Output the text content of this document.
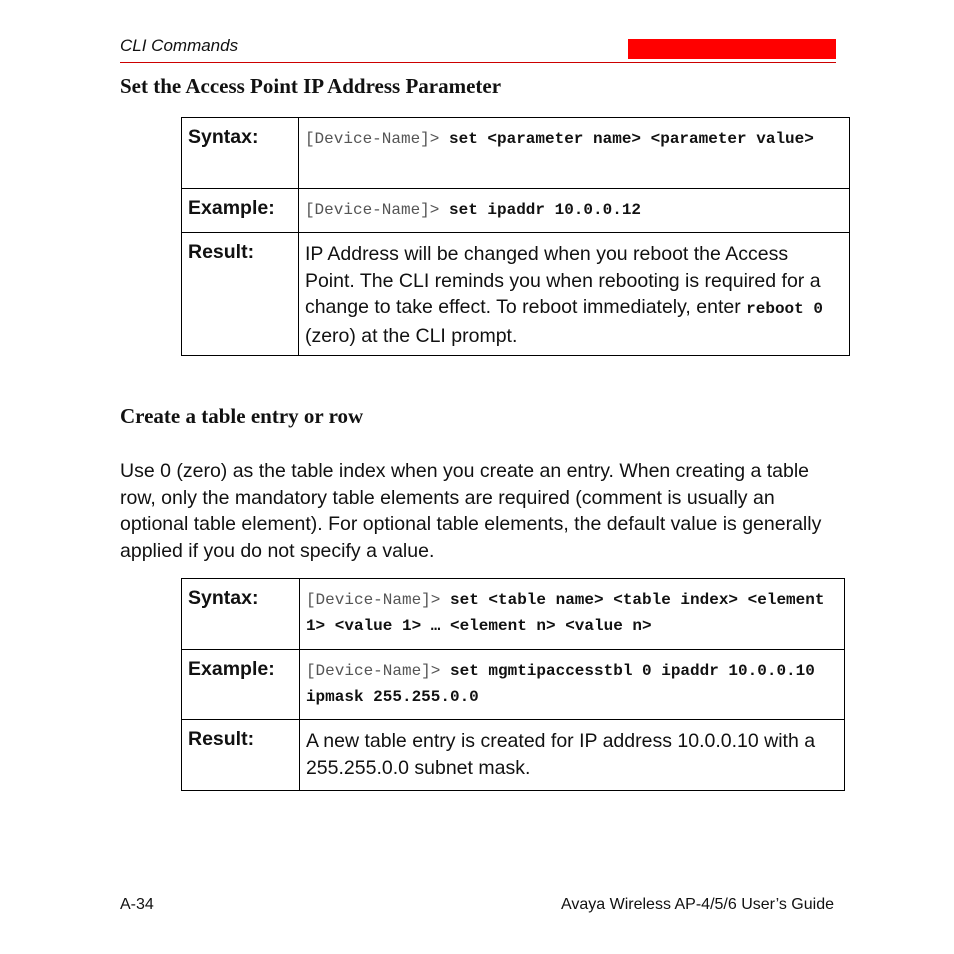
CLI Commands
Set the Access Point IP Address Parameter
Syntax:	[Device-Name]> set <parameter name> <parameter value>
Example:	[Device-Name]> set ipaddr 10.0.0.12
Result:	IP Address will be changed when you reboot the Access Point. The CLI reminds you when rebooting is required for a change to take effect. To reboot immediately, enter reboot 0 (zero) at the CLI prompt.
Create a table entry or row

Use 0 (zero) as the table index when you create an entry. When creating a table row, only the mandatory table elements are required (comment is usually an optional table element). For optional table elements, the default value is generally applied if you do not specify a value.

Syntax:	[Device-Name]> set <table name> <table index> <element 1> <value 1> … <element n> <value n>
Example:	[Device-Name]> set mgmtipaccesstbl 0 ipaddr 10.0.0.10 ipmask 255.255.0.0
Result:	A new table entry is created for IP address 10.0.0.10 with a 255.255.0.0 subnet mask.
A-34	Avaya Wireless AP-4/5/6 User’s Guide
